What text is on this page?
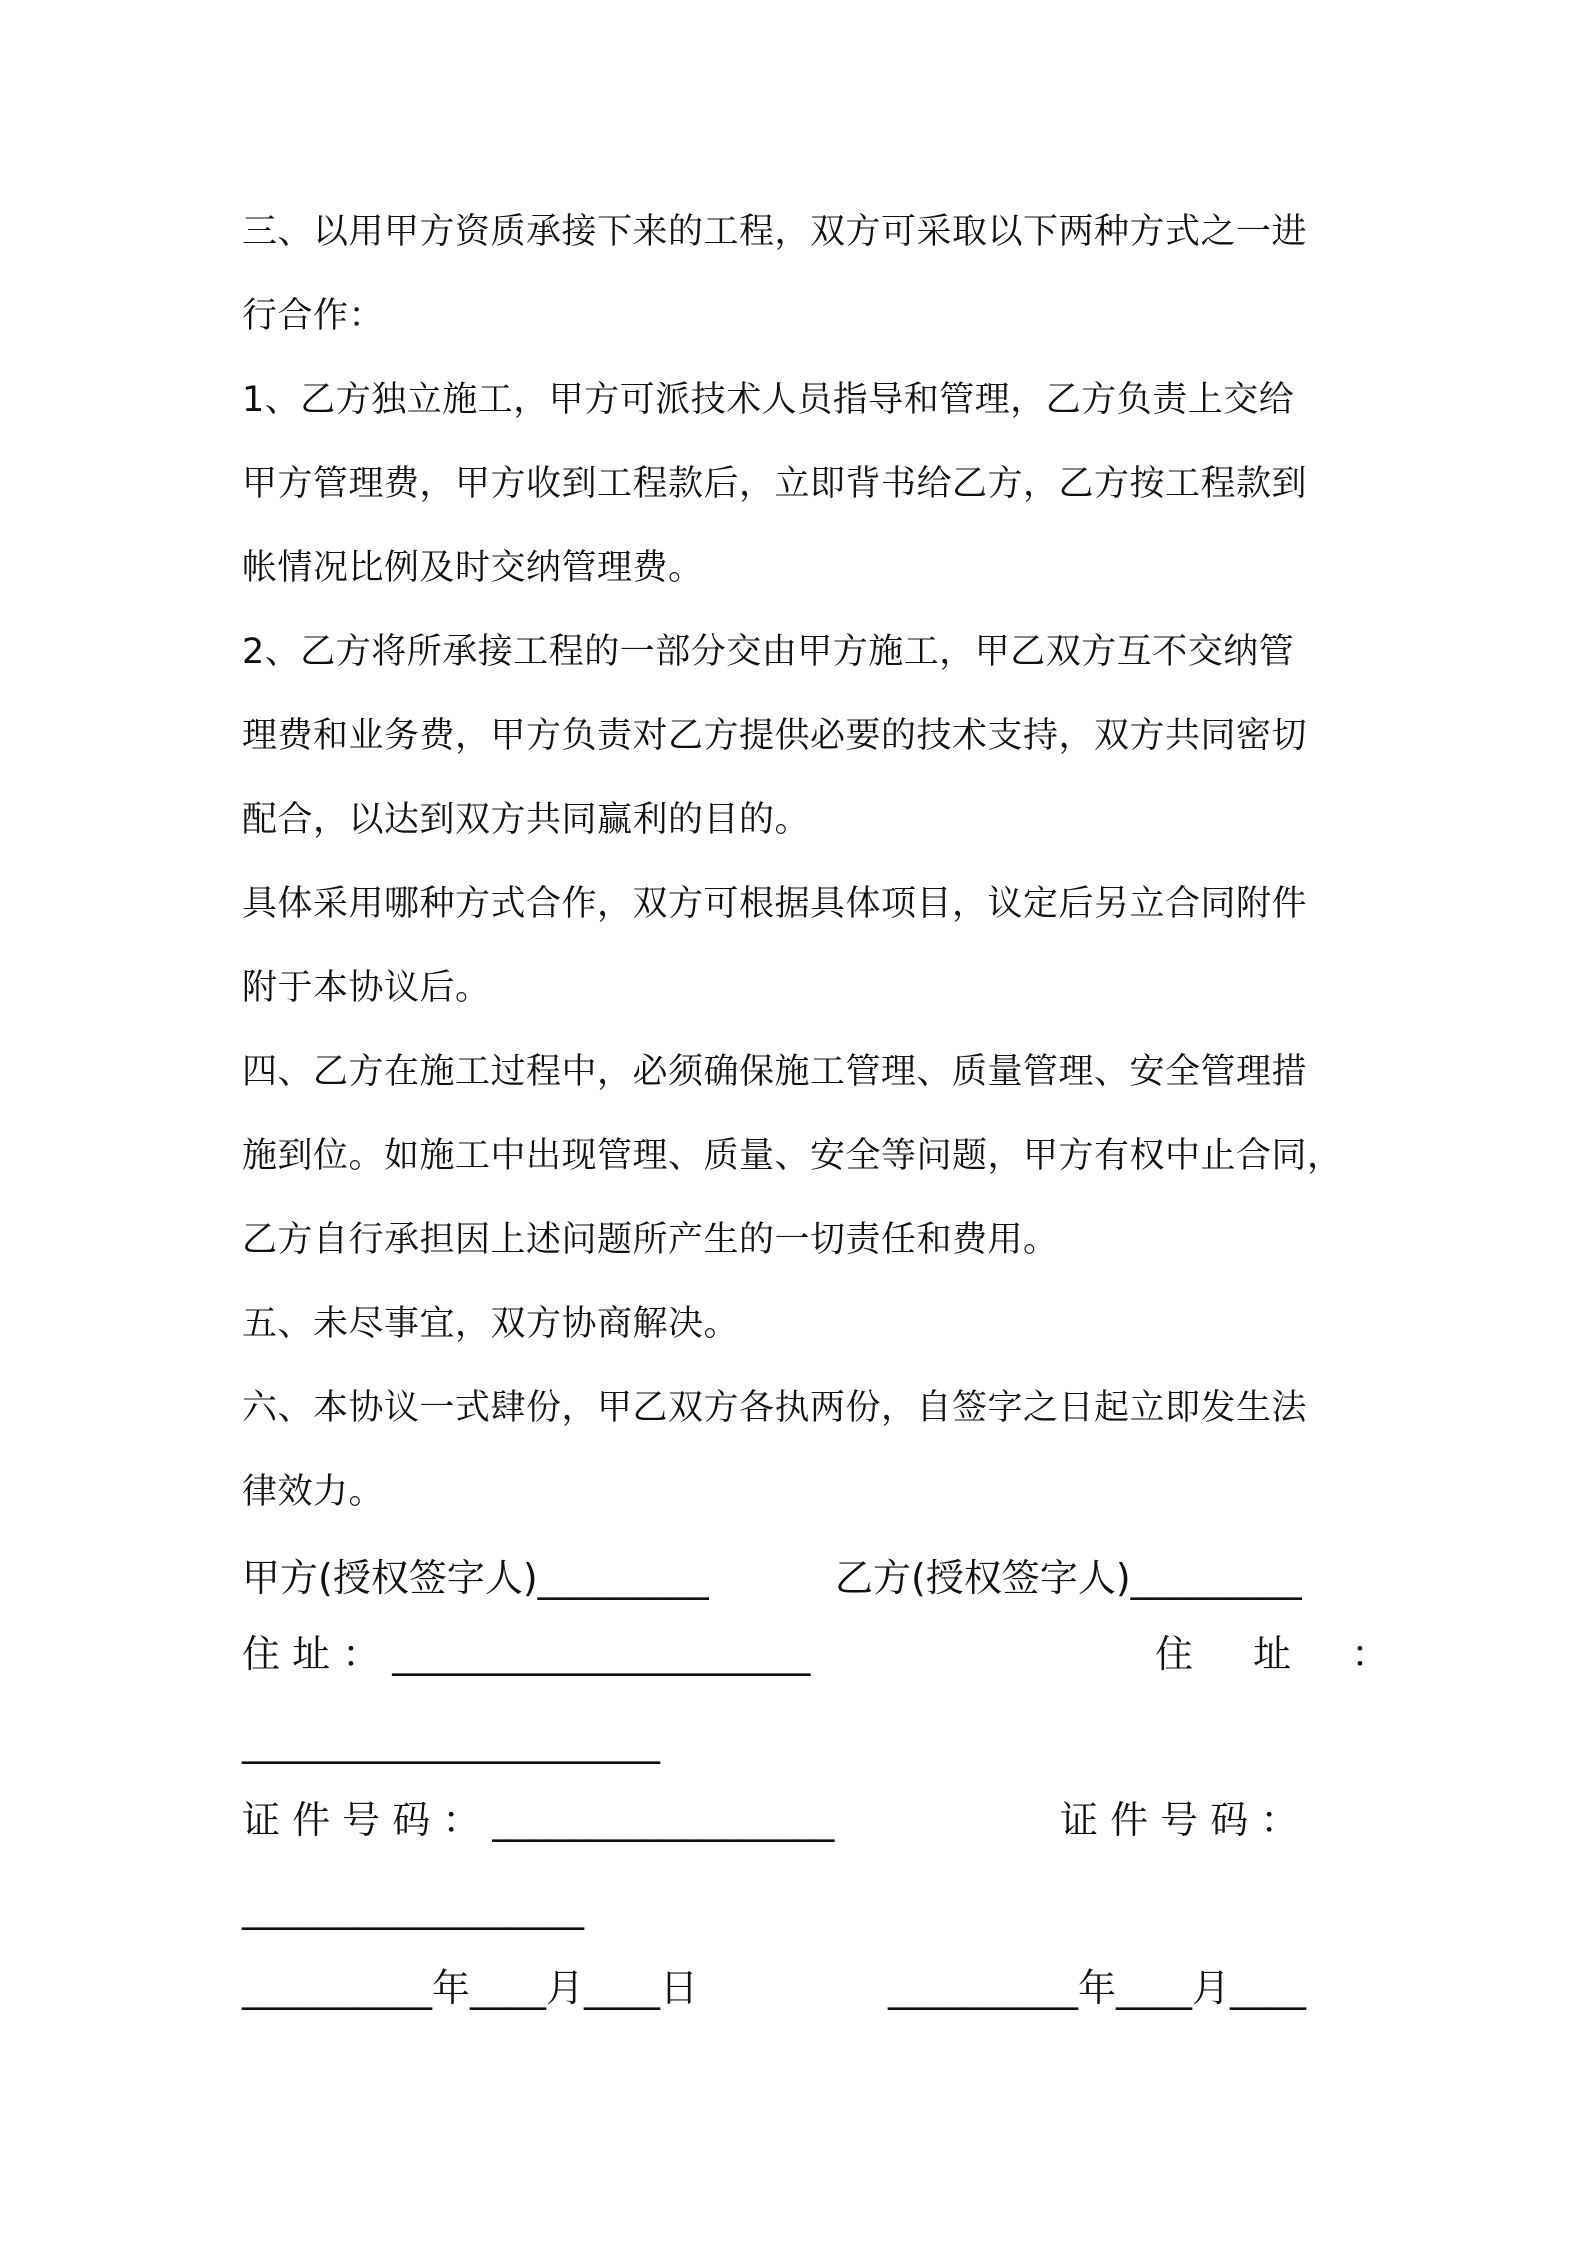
三、以用甲方资质承接下来的工程，双方可采取以下两种方式之一进
行合作：
1、乙方独立施工，甲方可派技术人员指导和管理，乙方负责上交给
甲方管理费，甲方收到工程款后，立即背书给乙方，乙方按工程款到
帐情况比例及时交纳管理费。
2、乙方将所承接工程的一部分交由甲方施工，甲乙双方互不交纳管
理费和业务费，甲方负责对乙方提供必要的技术支持，双方共同密切
配合，以达到双方共同赢利的目的。
具体采用哪种方式合作，双方可根据具体项目，议定后另立合同附件
附于本协议后。
四、乙方在施工过程中，必须确保施工管理、质量管理、安全管理措
施到位。如施工中出现管理、质量、安全等问题，甲方有权中止合同，
乙方自行承担因上述问题所产生的一切责任和费用。
五、未尽事宜，双方协商解决。
六、本协议一式肆份，甲乙双方各执两份，自签字之日起立即发生法
律效力。
甲方(授权签字人)_________	乙方(授权签字人)_________
住 址 ： ______________________	住 址 ：
______________________
证 件 号 码 ： __________________	证 件 号 码 ：
__________________
__________年____月____日	__________年____月____
